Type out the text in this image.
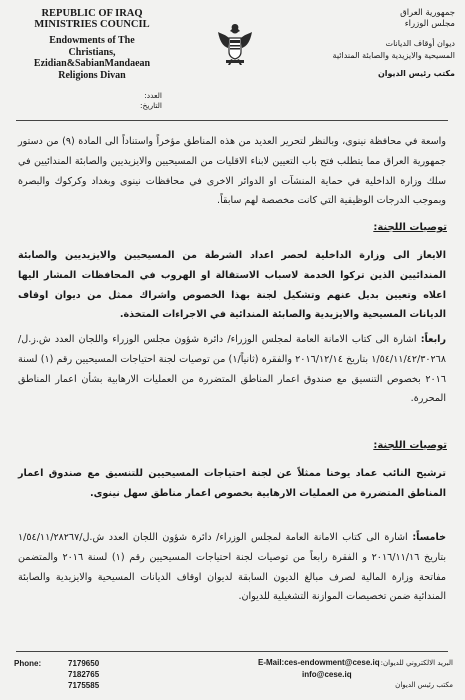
REPUBLIC OF IRAQ
MINISTRIES COUNCIL
Endowments of The
Christians, Ezidian&SabianMandaean
Religions Divan
العدد:
التاريخ:
جمهورية العراق
مجلس الوزراء
ديوان أوقاف الديانات
المسيحية والايزيدية والصابئة المندائية
مكتب رئيس الديوان
واسعة في محافظة نينوى، وبالنظر لتحرير العديد من هذه المناطق مؤخراً واستناداً الى المادة (٩) من دستور جمهورية العراق مما يتطلب فتح باب التعيين لابناء الاقليات من المسيحيين والايزيديين والصابئة المندائيين في سلك وزارة الداخلية في حماية المنشآت او الدوائر الاخرى في محافظات نينوى وبغداد وكركوك والبصرة وبموجب الدرجات الوظيفية التي كانت مخصصة لهم سابقاً.
توصيات اللجنة:
الايعاز الى وزارة الداخلية لحصر اعداد الشرطة من المسيحيين والايزيديين والصابئة المندائيين الذين تركوا الخدمة لاسباب الاستقالة او الهروب في المحافظات المشار اليها اعلاه وتعيين بديل عنهم وتشكيل لجنة بهذا الخصوص واشراك ممثل من ديوان اوقاف الديانات المسيحية والايزيدية والصابئة المندائية في الاجراءات المتخذة.
رابعاً: اشارة الى كتاب الامانة العامة لمجلس الوزراء/ دائرة شؤون مجلس الوزراء واللجان العدد ش.ز.ل/١/٥٤/١١/٤٢/٣٠٢٦٨ بتاريخ ٢٠١٦/١٢/١٤ والفقرة (ثانياً/١) من توصيات لجنة احتياجات المسيحيين رقم (١) لسنة ٢٠١٦ بخصوص التنسيق مع صندوق اعمار المناطق المتضررة من العمليات الارهابية بشأن اعمار المناطق المحررة.
توصيات اللجنة:
ترشيح النائب عماد يوخنا ممثلاً عن لجنة احتياجات المسيحيين للتنسيق مع صندوق اعمار المناطق المتضررة من العمليات الارهابية بخصوص اعمار مناطق سهل نينوى.
خامساً: اشارة الى كتاب الامانة العامة لمجلس الوزراء/ دائرة شؤون اللجان العدد ش.ل/١/٥٤/١١/٢٨٢٦٧ بتاريخ ٢٠١٦/١١/١٦ و الفقرة رابعاً من توصيات لجنة احتياجات المسيحيين رقم (١) لسنة ٢٠١٦ والمتضمن مفاتحة وزارة المالية لصرف مبالغ الديون السابقة لديوان اوقاف الديانات المسيحية والايزيدية والصابئة المندائية ضمن تخصيصات الموازنة التشغيلية للديوان.
Phone:	7179650
7182765
7175585
E-Mail:ces-endowment@cese.iq
info@cese.iq
البريد الالكتروني للديوان:
مكتب رئيس الديوان
